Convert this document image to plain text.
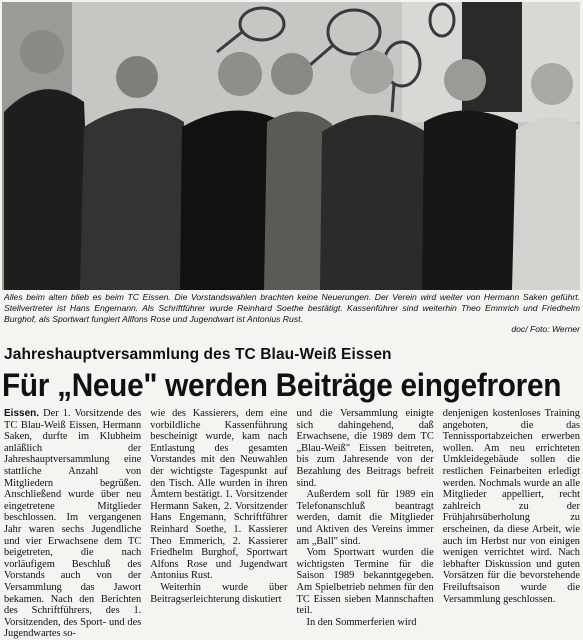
Alles beim alten blieb es beim TC Eissen. Die Vorstandswahlen brachten keine Neuerungen. Der Verein wird weiter von Hermann Saken geführt. Stellvertreter ist Hans Engemann. Als Schriftführer wurde Reinhard Soethe bestätigt. Kassenführer sind weiterhin Theo Emmrich und Friedhelm Burghof, als Sportwart fungiert Allfons Rose und Jugendwart ist Antonius Rust.
doc/ Foto: Werner
Jahreshauptversammlung des TC Blau-Weiß Eissen
Für „Neue" werden Beiträge eingefroren

Eissen. Der 1. Vorsitzende des TC Blau-Weiß Eissen, Hermann Saken, durfte im Klubheim anläßlich der Jahreshauptversammlung eine stattliche Anzahl von Mitgliedern begrüßen. Anschließend wurde über neu eingetretene Mitglieder beschlossen. Im vergangenen Jahr waren sechs Jugendliche und vier Erwachsene dem TC beigetreten, die nach vorläufigem Beschluß des Vorstands auch von der Versammlung das Jawort bekamen. Nach den Berichten des Schriftführers, des 1. Vorsitzenden, des Sport- und des Jugendwartes so-

wie des Kassierers, dem eine vorbildliche Kassenführung bescheinigt wurde, kam nach Entlastung des gesamten Vorstandes mit den Neuwahlen der wichtigste Tagespunkt auf den Tisch. Alle wurden in ihren Ämtern bestätigt. 1. Vorsitzender Hermann Saken, 2. Vorsitzender Hans Engemann, Schriftführer Reinhard Soethe, 1. Kassierer Theo Emmerich, 2. Kassierer Friedhelm Burghof, Sportwart Alfons Rose und Jugendwart Antonius Rust.

Weiterhin wurde über Beitragserleichterung diskutiert

und die Versammlung einigte sich dahingehend, daß Erwachsene, die 1989 dem TC „Blau-Weiß" Eissen beitreten, bis zum Jahresende von der Bezahlung des Beitrags befreit sind.

Außerdem soll für 1989 ein Telefonanschluß beantragt werden, damit die Mitglieder und Aktiven des Vereins immer am „Ball" sind.

Vom Sportwart wurden die wichtigsten Termine für die Saison 1989 bekanntgegeben. Am Spielbetrieb nehmen für den TC Eissen sieben Mannschaften teil.

In den Sommerferien wird

denjenigen kostenloses Training angeboten, die das Tennissportabzeichen erwerben wollen. Am neu errichteten Umkleidegebäude sollen die restlichen Feinarbeiten erledigt werden. Nochmals wurde an alle Mitglieder appelliert, recht zahlreich zu der Frühjahrsüberholung zu erscheinen, da diese Arbeit, wie auch im Herbst nur von einigen wenigen verrichtet wird. Nach lebhafter Diskussion und guten Vorsätzen für die bevorstehende Freiluftsaison wurde die Versammlung geschlossen.
